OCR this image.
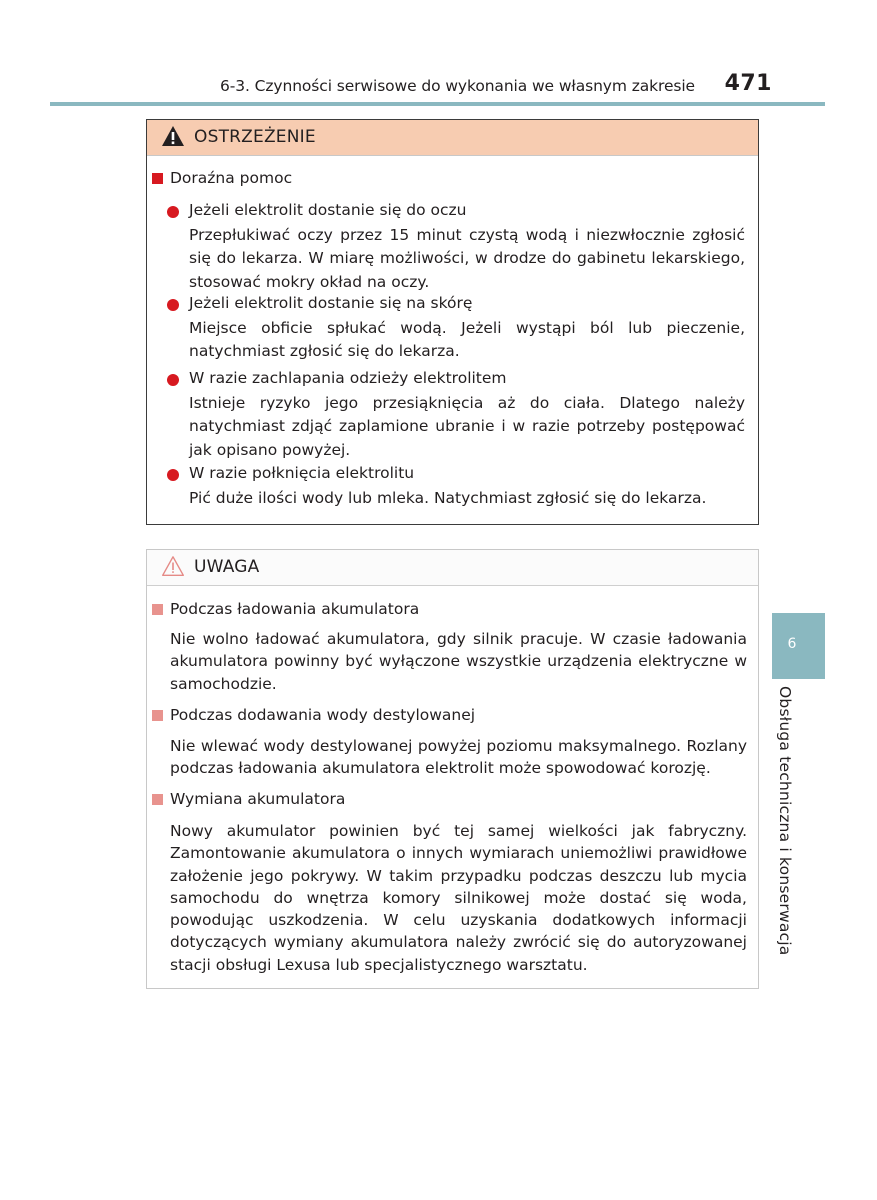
6-3. Czynności serwisowe do wykonania we własnym zakresie 471
OSTRZEŻENIE
Doraźna pomoc
Jeżeli elektrolit dostanie się do oczu
Przepłukiwać oczy przez 15 minut czystą wodą i niezwłocznie zgłosić się do lekarza. W miarę możliwości, w drodze do gabinetu lekarskiego, stosować mokry okład na oczy.
Jeżeli elektrolit dostanie się na skórę
Miejsce obficie spłukać wodą. Jeżeli wystąpi ból lub pieczenie, natychmiast zgłosić się do lekarza.
W razie zachlapania odzieży elektrolitem
Istnieje ryzyko jego przesiąknięcia aż do ciała. Dlatego należy natychmiast zdjąć zaplamione ubranie i w razie potrzeby postępować jak opisano powyżej.
W razie połknięcia elektrolitu
Pić duże ilości wody lub mleka. Natychmiast zgłosić się do lekarza.
UWAGA
Podczas ładowania akumulatora
Nie wolno ładować akumulatora, gdy silnik pracuje. W czasie ładowania akumulatora powinny być wyłączone wszystkie urządzenia elektryczne w samochodzie.
Podczas dodawania wody destylowanej
Nie wlewać wody destylowanej powyżej poziomu maksymalnego. Rozlany podczas ładowania akumulatora elektrolit może spowodować korozję.
Wymiana akumulatora
Nowy akumulator powinien być tej samej wielkości jak fabryczny. Zamontowanie akumulatora o innych wymiarach uniemożliwi prawidłowe założenie jego pokrywy. W takim przypadku podczas deszczu lub mycia samochodu do wnętrza komory silnikowej może dostać się woda, powodując uszkodzenia. W celu uzyskania dodatkowych informacji dotyczących wymiany akumulatora należy zwrócić się do autoryzowanej stacji obsługi Lexusa lub specjalistycznego warsztatu.
6
Obsługa techniczna i konserwacja
